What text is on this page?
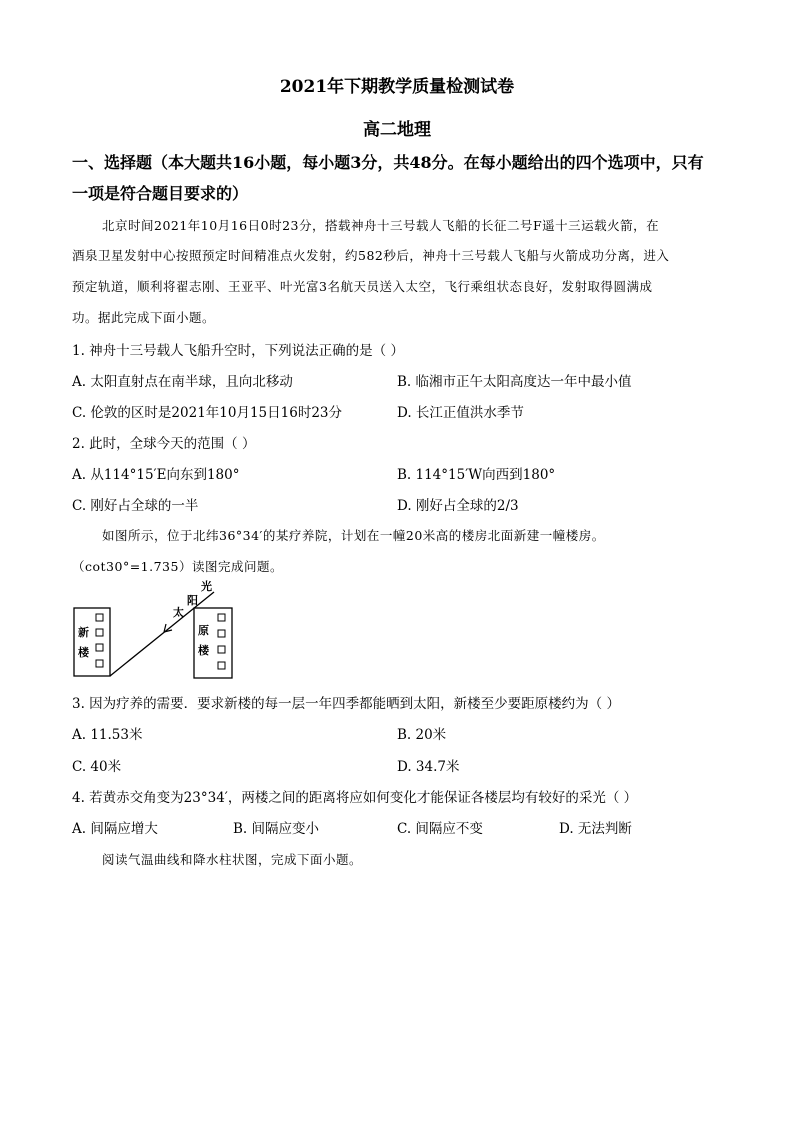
2021年下期教学质量检测试卷
高二地理
一、选择题（本大题共16小题，每小题3分，共48分。在每小题给出的四个选项中，只有
一项是符合题目要求的）
北京时间2021年10月16日0时23分，搭载神舟十三号载人飞船的长征二号F遥十三运载火箭，在
酒泉卫星发射中心按照预定时间精准点火发射，约582秒后，神舟十三号载人飞船与火箭成功分离，进入
预定轨道，顺利将翟志刚、王亚平、叶光富3名航天员送入太空，飞行乘组状态良好，发射取得圆满成
功。据此完成下面小题。
1. 神舟十三号载人飞船升空时，下列说法正确的是（ ）
A. 太阳直射点在南半球，且向北移动	B. 临湘市正午太阳高度达一年中最小值
C. 伦敦的区时是2021年10月15日16时23分	D. 长江正值洪水季节
2. 此时，全球今天的范围（ ）
A. 从114°15′E向东到180°	B. 114°15′W向西到180°
C. 刚好占全球的一半	D. 刚好占全球的2/3
如图所示，位于北纬36°34′的某疗养院，计划在一幢20米高的楼房北面新建一幢楼房。
（cot30°=1.735）读图完成问题。
新
楼
原
楼
光
阳
太
3. 因为疗养的需要．要求新楼的每一层一年四季都能晒到太阳，新楼至少要距原楼约为（ ）
A. 11.53米	B. 20米
C. 40米	D. 34.7米
4. 若黄赤交角变为23°34′，两楼之间的距离将应如何变化才能保证各楼层均有较好的采光（ ）
A. 间隔应增大	B. 间隔应变小	C. 间隔应不变	D. 无法判断
阅读气温曲线和降水柱状图，完成下面小题。
